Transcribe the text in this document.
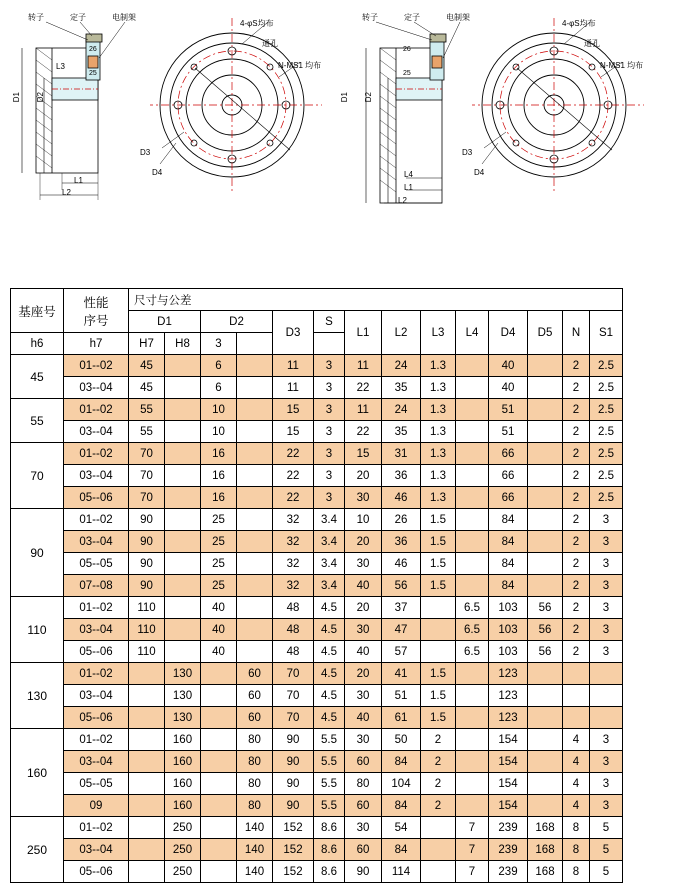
转子	定子	电制架
D1 D2
L3
L1
L2
4-φS均布
通孔
N-MS1 均布
D3
D4
转子	定子	电制架
D1 D2
L4
L1
L2
4-φS均布
通孔
N-MS1 均布
D3
D4
26
25
26
25
基座号	性能
序号	尺寸与公差													
		D1		D2		D3	S	L1	L2	L3	L4	D4	D5	N	S1
h6	h7	H7	H8	3											
45	01--02	45		6		11	3	11	24	1.3		40		2	2.5
	03--04	45		6		11	3	22	35	1.3		40		2	2.5
55	01--02	55		10		15	3	11	24	1.3		51		2	2.5
	03--04	55		10		15	3	22	35	1.3		51		2	2.5
70	01--02	70		16		22	3	15	31	1.3		66		2	2.5
	03--04	70		16		22	3	20	36	1.3		66		2	2.5
	05--06	70		16		22	3	30	46	1.3		66		2	2.5
90	01--02	90		25		32	3.4	10	26	1.5		84		2	3
	03--04	90		25		32	3.4	20	36	1.5		84		2	3
	05--05	90		25		32	3.4	30	46	1.5		84		2	3
	07--08	90		25		32	3.4	40	56	1.5		84		2	3
110	01--02	110		40		48	4.5	20	37		6.5	103	56	2	3
	03--04	110		40		48	4.5	30	47		6.5	103	56	2	3
	05--06	110		40		48	4.5	40	57		6.5	103	56	2	3
130	01--02		130		60	70	4.5	20	41	1.5		123			
	03--04		130		60	70	4.5	30	51	1.5		123			
	05--06		130		60	70	4.5	40	61	1.5		123			
160	01--02		160		80	90	5.5	30	50	2		154		4	3
	03--04		160		80	90	5.5	60	84	2		154		4	3
	05--05		160		80	90	5.5	80	104	2		154		4	3
	09		160		80	90	5.5	60	84	2		154		4	3
250	01--02		250		140	152	8.6	30	54		7	239	168	8	5
	03--04		250		140	152	8.6	60	84		7	239	168	8	5
	05--06		250		140	152	8.6	90	114		7	239	168	8	5
